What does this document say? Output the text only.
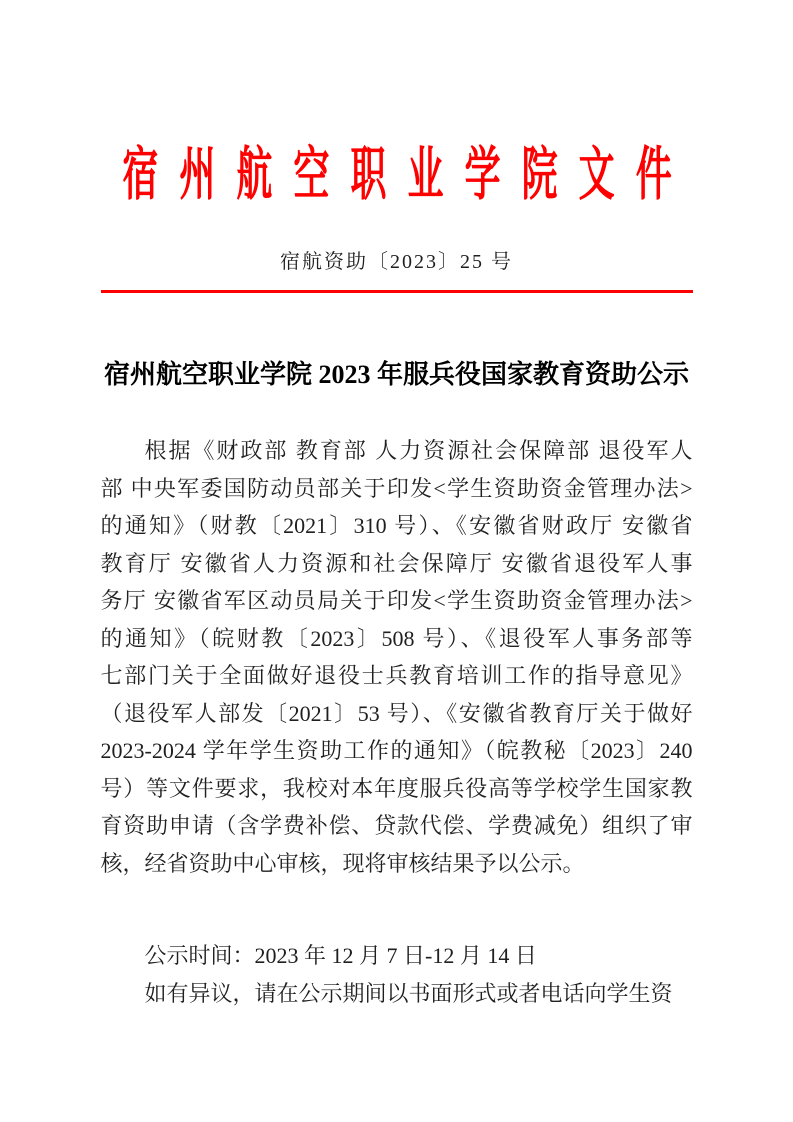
宿州航空职业学院文件
宿航资助〔2023〕25 号
宿州航空职业学院 2023 年服兵役国家教育资助公示

根据《财政部 教育部 人力资源社会保障部 退役军人

部 中央军委国防动员部关于印发<学生资助资金管理办法>

的通知》（财教〔2021〕310 号）、《安徽省财政厅 安徽省

教育厅 安徽省人力资源和社会保障厅 安徽省退役军人事

务厅 安徽省军区动员局关于印发<学生资助资金管理办法>

的通知》（皖财教〔2023〕508 号）、《退役军人事务部等

七部门关于全面做好退役士兵教育培训工作的指导意见》

（退役军人部发〔2021〕53 号）、《安徽省教育厅关于做好

2023-2024 学年学生资助工作的通知》（皖教秘〔2023〕240

号）等文件要求，我校对本年度服兵役高等学校学生国家教

育资助申请（含学费补偿、贷款代偿、学费减免）组织了审

核，经省资助中心审核，现将审核结果予以公示。

公示时间：2023 年 12 月 7 日-12 月 14 日

如有异议，请在公示期间以书面形式或者电话向学生资
